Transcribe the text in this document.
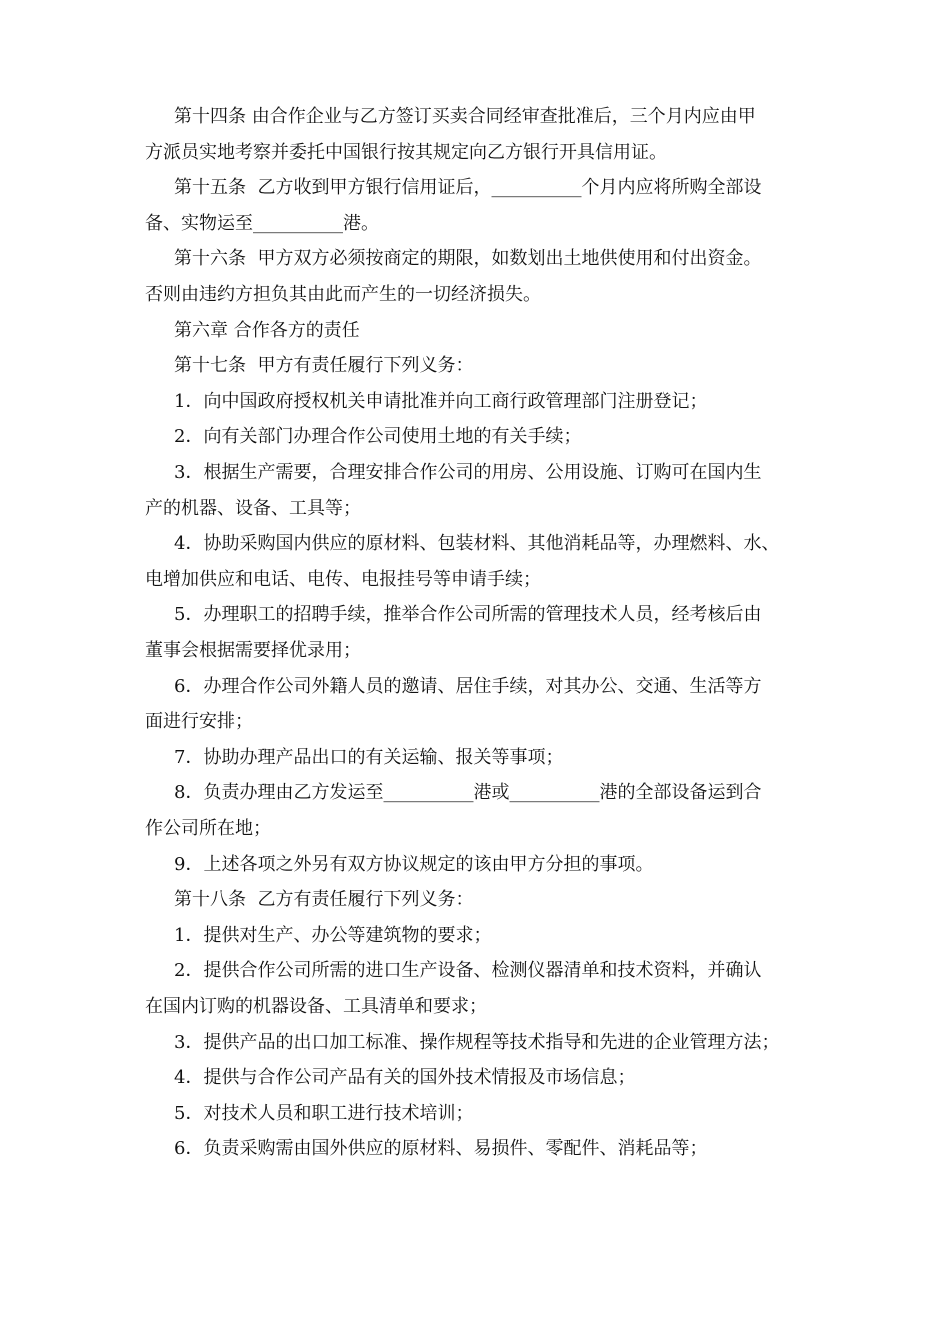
第十四条 由合作企业与乙方签订买卖合同经审查批准后，三个月内应由甲
方派员实地考察并委托中国银行按其规定向乙方银行开具信用证。
第十五条  乙方收到甲方银行信用证后，__________个月内应将所购全部设
备、实物运至__________港。
第十六条  甲方双方必须按商定的期限，如数划出土地供使用和付出资金。
否则由违约方担负其由此而产生的一切经济损失。
第六章 合作各方的责任
第十七条  甲方有责任履行下列义务：
1．向中国政府授权机关申请批准并向工商行政管理部门注册登记；
2．向有关部门办理合作公司使用土地的有关手续；
3．根据生产需要，合理安排合作公司的用房、公用设施、订购可在国内生
产的机器、设备、工具等；
4．协助采购国内供应的原材料、包装材料、其他消耗品等，办理燃料、水、
电增加供应和电话、电传、电报挂号等申请手续；
5．办理职工的招聘手续，推举合作公司所需的管理技术人员，经考核后由
董事会根据需要择优录用；
6．办理合作公司外籍人员的邀请、居住手续，对其办公、交通、生活等方
面进行安排；
7．协助办理产品出口的有关运输、报关等事项；
8．负责办理由乙方发运至__________港或__________港的全部设备运到合
作公司所在地；
9．上述各项之外另有双方协议规定的该由甲方分担的事项。
第十八条  乙方有责任履行下列义务：
1．提供对生产、办公等建筑物的要求；
2．提供合作公司所需的进口生产设备、检测仪器清单和技术资料，并确认
在国内订购的机器设备、工具清单和要求；
3．提供产品的出口加工标准、操作规程等技术指导和先进的企业管理方法；
4．提供与合作公司产品有关的国外技术情报及市场信息；
5．对技术人员和职工进行技术培训；
6．负责采购需由国外供应的原材料、易损件、零配件、消耗品等；
